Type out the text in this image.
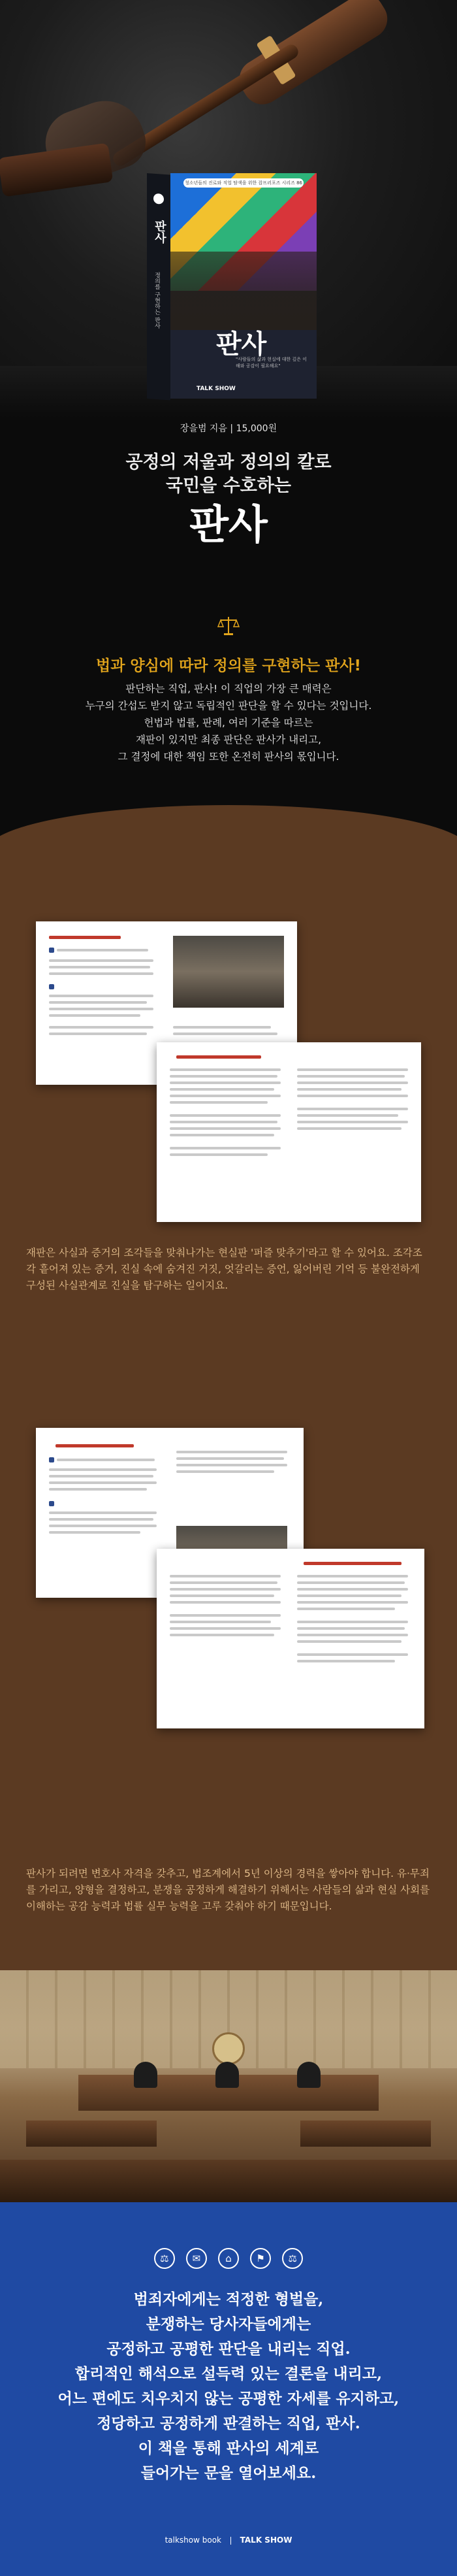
판사
정의를 구현하는 판사
청소년들의 진로와 직업 탐색을 위한 잡프러포즈 시리즈 86
판사
"사람들의 삶과 현실에 대한 깊은 이해와 공감이 필요해요"
TALK SHOW
장을범 지음 | 15,000원
공정의 저울과 정의의 칼로
국민을 수호하는
판사
법과 양심에 따라 정의를 구현하는 판사!

판단하는 직업, 판사! 이 직업의 가장 큰 매력은
누구의 간섭도 받지 않고 독립적인 판단을 할 수 있다는 것입니다.
헌법과 법률, 판례, 여러 기준을 따르는
재판이 있지만 최종 판단은 판사가 내리고,
그 결정에 대한 책임 또한 온전히 판사의 몫입니다.

재판은 사실과 증거의 조각들을 맞춰나가는 현실판 '퍼즐 맞추기'라고 할 수 있어요. 조각조각 흩어져 있는 증거, 진실 속에 숨겨진 거짓, 엇갈리는 증언, 잃어버린 기억 등 불완전하게 구성된 사실관계로 진실을 탐구하는 일이지요.
판사가 되려면 변호사 자격을 갖추고, 법조계에서 5년 이상의 경력을 쌓아야 합니다. 유·무죄를 가리고, 양형을 결정하고, 분쟁을 공정하게 해결하기 위해서는 사람들의 삶과 현실 사회를 이해하는 공감 능력과 법률 실무 능력을 고루 갖춰야 하기 때문입니다.
⚖ ✉	⌂	⚑ ⚖
범죄자에게는 적정한 형벌을,
분쟁하는 당사자들에게는
공정하고 공평한 판단을 내리는 직업.
합리적인 해석으로 설득력 있는 결론을 내리고,
어느 편에도 치우치지 않는 공평한 자세를 유지하고,
정당하고 공정하게 판결하는 직업, 판사.
이 책을 통해 판사의 세계로
들어가는 문을 열어보세요.
talkshow book TALK SHOW
